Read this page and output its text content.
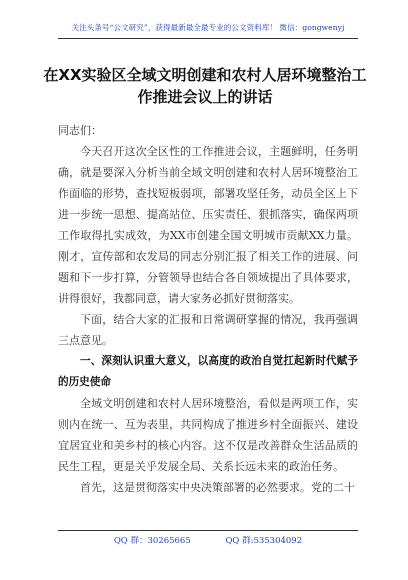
关注头条号“公文研究”，获得最新最全最专业的公文资料库！ 微信：gongwenyj
在XX实验区全域文明创建和农村人居环境整治工作推进会议上的讲话

同志们：

今天召开这次全区性的工作推进会议，主题鲜明，任务明确，就是要深入分析当前全域文明创建和农村人居环境整治工作面临的形势，查找短板弱项，部署攻坚任务，动员全区上下进一步统一思想、提高站位、压实责任、狠抓落实，确保两项工作取得扎实成效，为XX市创建全国文明城市贡献XX力量。刚才，宣传部和农发局的同志分别汇报了相关工作的进展、问题和下一步打算，分管领导也结合各自领域提出了具体要求，讲得很好，我都同意，请大家务必抓好贯彻落实。

下面，结合大家的汇报和日常调研掌握的情况，我再强调三点意见。

一、深刻认识重大意义，以高度的政治自觉扛起新时代赋予的历史使命

全域文明创建和农村人居环境整治，看似是两项工作，实则内在统一、互为表里，共同构成了推进乡村全面振兴、建设宜居宜业和美乡村的核心内容。这不仅是改善群众生活品质的民生工程，更是关乎发展全局、关系长远未来的政治任务。

首先，这是贯彻落实中央决策部署的必然要求。党的二十

QQ 群：30265665	QQ 群:535304092
